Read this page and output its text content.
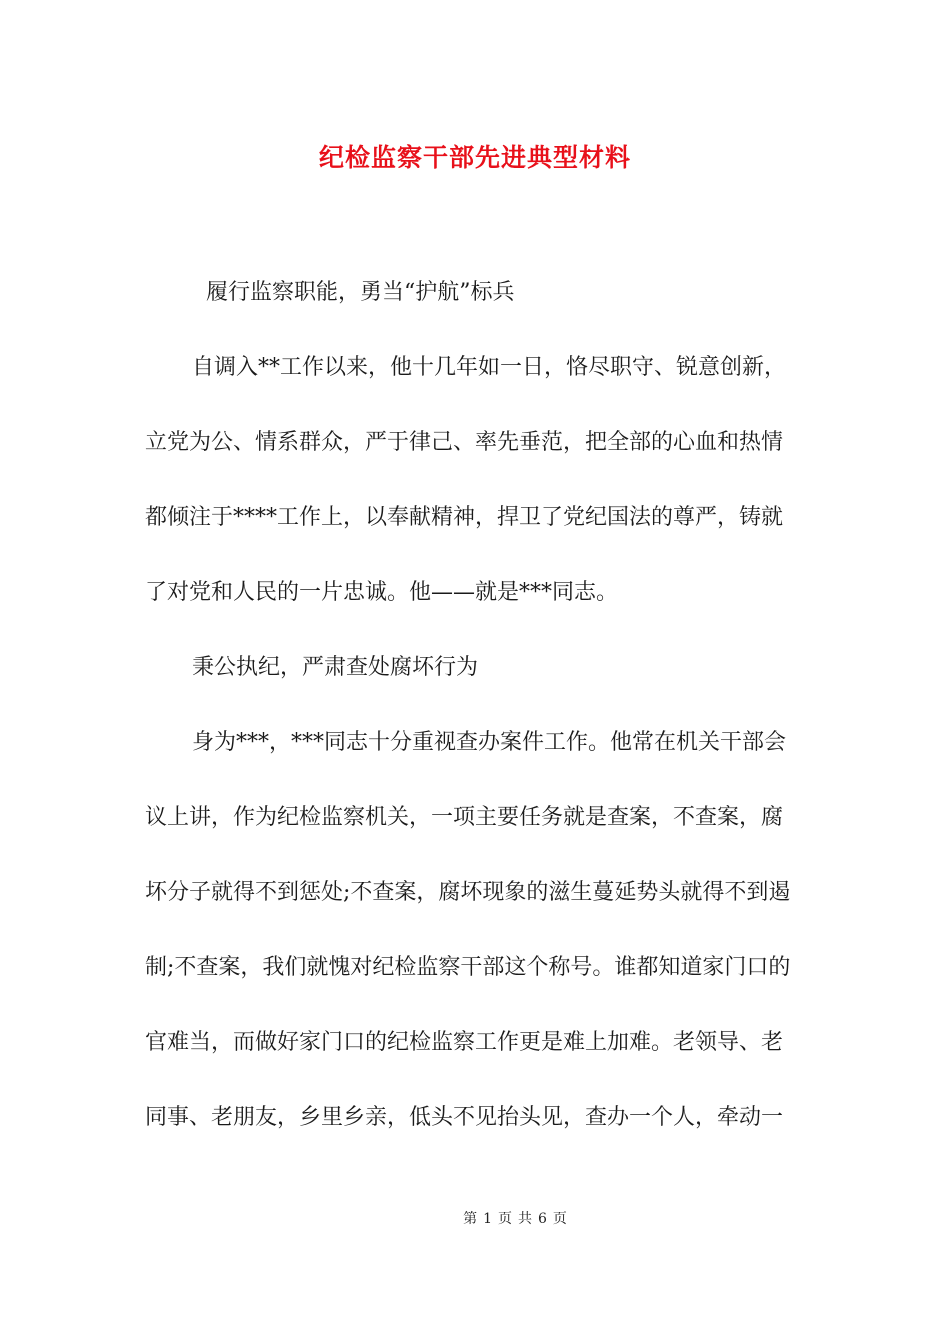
纪检监察干部先进典型材料
履行监察职能，勇当“护航”标兵
自调入**工作以来，他十几年如一日，恪尽职守、锐意创新，
立党为公、情系群众，严于律己、率先垂范，把全部的心血和热情
都倾注于****工作上，以奉献精神，捍卫了党纪国法的尊严，铸就
了对党和人民的一片忠诚。他——就是***同志。
秉公执纪，严肃查处腐坏行为
身为***，***同志十分重视查办案件工作。他常在机关干部会
议上讲，作为纪检监察机关，一项主要任务就是查案，不查案，腐
坏分子就得不到惩处;不查案，腐坏现象的滋生蔓延势头就得不到遏
制;不查案，我们就愧对纪检监察干部这个称号。谁都知道家门口的
官难当，而做好家门口的纪检监察工作更是难上加难。老领导、老
同事、老朋友，乡里乡亲，低头不见抬头见，查办一个人，牵动一
第 1 页 共 6 页
